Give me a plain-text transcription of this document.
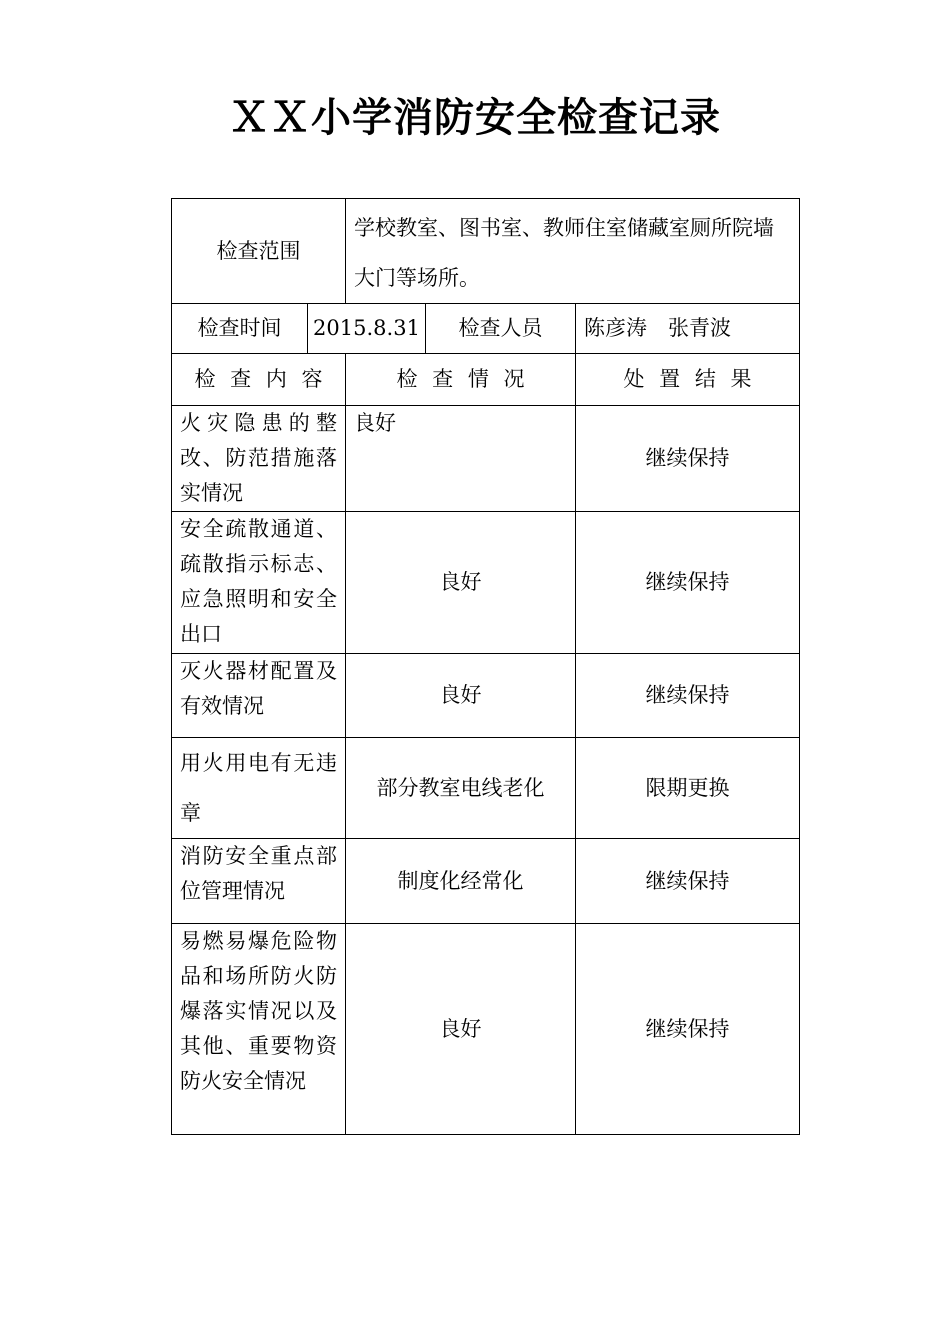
ＸＸ小学消防安全检查记录
检查范围		学校教室、图书室、教师住室储藏室厕所院墙大门等场所。		
检查时间	2015.8.31		检查人员	陈彦涛　张青波
检查内容		检查情况		处置结果
火灾隐患的整改、防范措施落实情况		良好		继续保持
安全疏散通道、疏散指示标志、应急照明和安全出口		良好		继续保持
灭火器材配置及有效情况		良好		继续保持
用火用电有无违章		部分教室电线老化		限期更换
消防安全重点部位管理情况		制度化经常化		继续保持
易燃易爆危险物品和场所防火防爆落实情况以及其他、重要物资防火安全情况		良好		继续保持
